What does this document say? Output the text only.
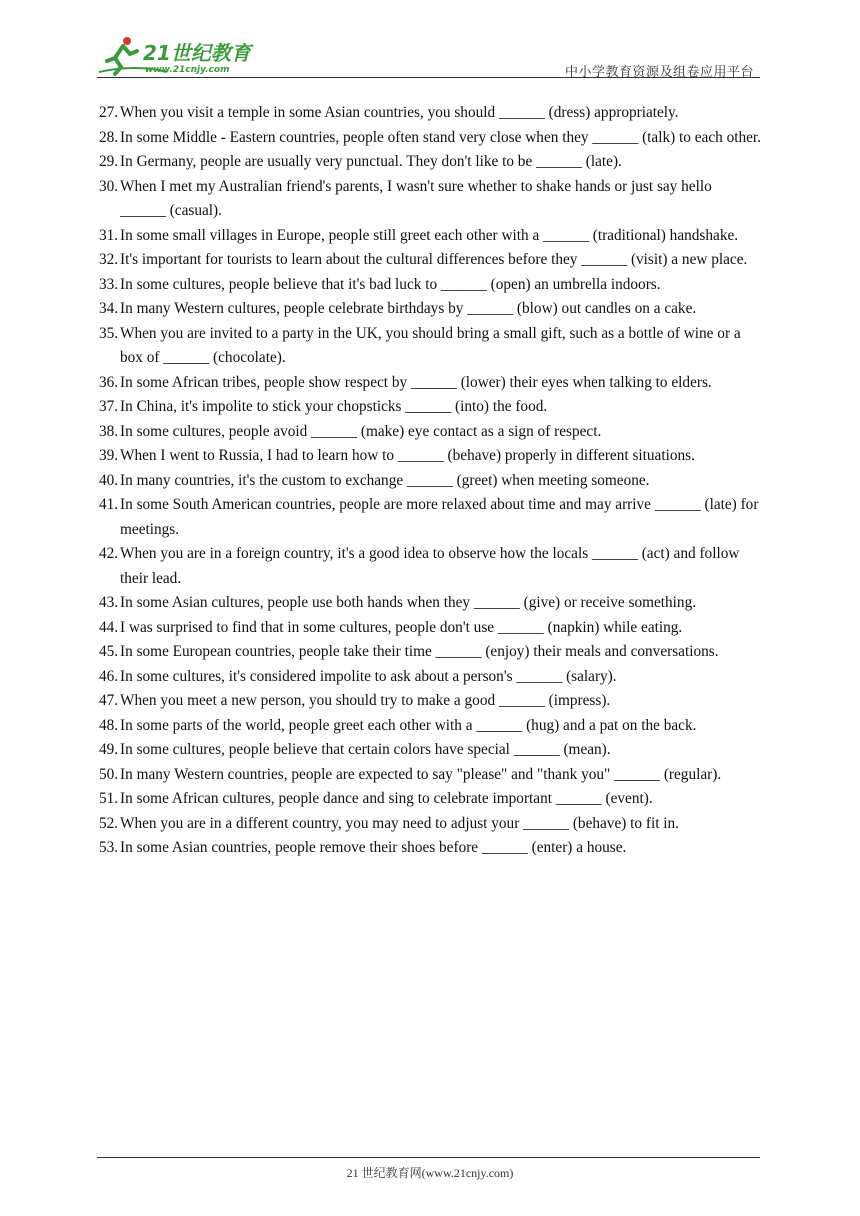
21世纪教育
www.21cnjy.com	中小学教育资源及组卷应用平台
27. When you visit a temple in some Asian countries, you should ______ (dress) appropriately.
28. In some Middle - Eastern countries, people often stand very close when they ______ (talk) to each other.
29. In Germany, people are usually very punctual. They don't like to be ______ (late).
30. When I met my Australian friend's parents, I wasn't sure whether to shake hands or just say hello ______ (casual).
31. In some small villages in Europe, people still greet each other with a ______ (traditional) handshake.
32. It's important for tourists to learn about the cultural differences before they ______ (visit) a new place.
33. In some cultures, people believe that it's bad luck to ______ (open) an umbrella indoors.
34. In many Western cultures, people celebrate birthdays by ______ (blow) out candles on a cake.
35. When you are invited to a party in the UK, you should bring a small gift, such as a bottle of wine or a box of ______ (chocolate).
36. In some African tribes, people show respect by ______ (lower) their eyes when talking to elders.
37. In China, it's impolite to stick your chopsticks ______ (into) the food.
38. In some cultures, people avoid ______ (make) eye contact as a sign of respect.
39. When I went to Russia, I had to learn how to ______ (behave) properly in different situations.
40. In many countries, it's the custom to exchange ______ (greet) when meeting someone.
41. In some South American countries, people are more relaxed about time and may arrive ______ (late) for meetings.
42. When you are in a foreign country, it's a good idea to observe how the locals ______ (act) and follow their lead.
43. In some Asian cultures, people use both hands when they ______ (give) or receive something.
44. I was surprised to find that in some cultures, people don't use ______ (napkin) while eating.
45. In some European countries, people take their time ______ (enjoy) their meals and conversations.
46. In some cultures, it's considered impolite to ask about a person's ______ (salary).
47. When you meet a new person, you should try to make a good ______ (impress).
48. In some parts of the world, people greet each other with a ______ (hug) and a pat on the back.
49. In some cultures, people believe that certain colors have special ______ (mean).
50. In many Western countries, people are expected to say "please" and "thank you" ______ (regular).
51. In some African cultures, people dance and sing to celebrate important ______ (event).
52. When you are in a different country, you may need to adjust your ______ (behave) to fit in.
53. In some Asian countries, people remove their shoes before ______ (enter) a house.
21 世纪教育网(www.21cnjy.com)
